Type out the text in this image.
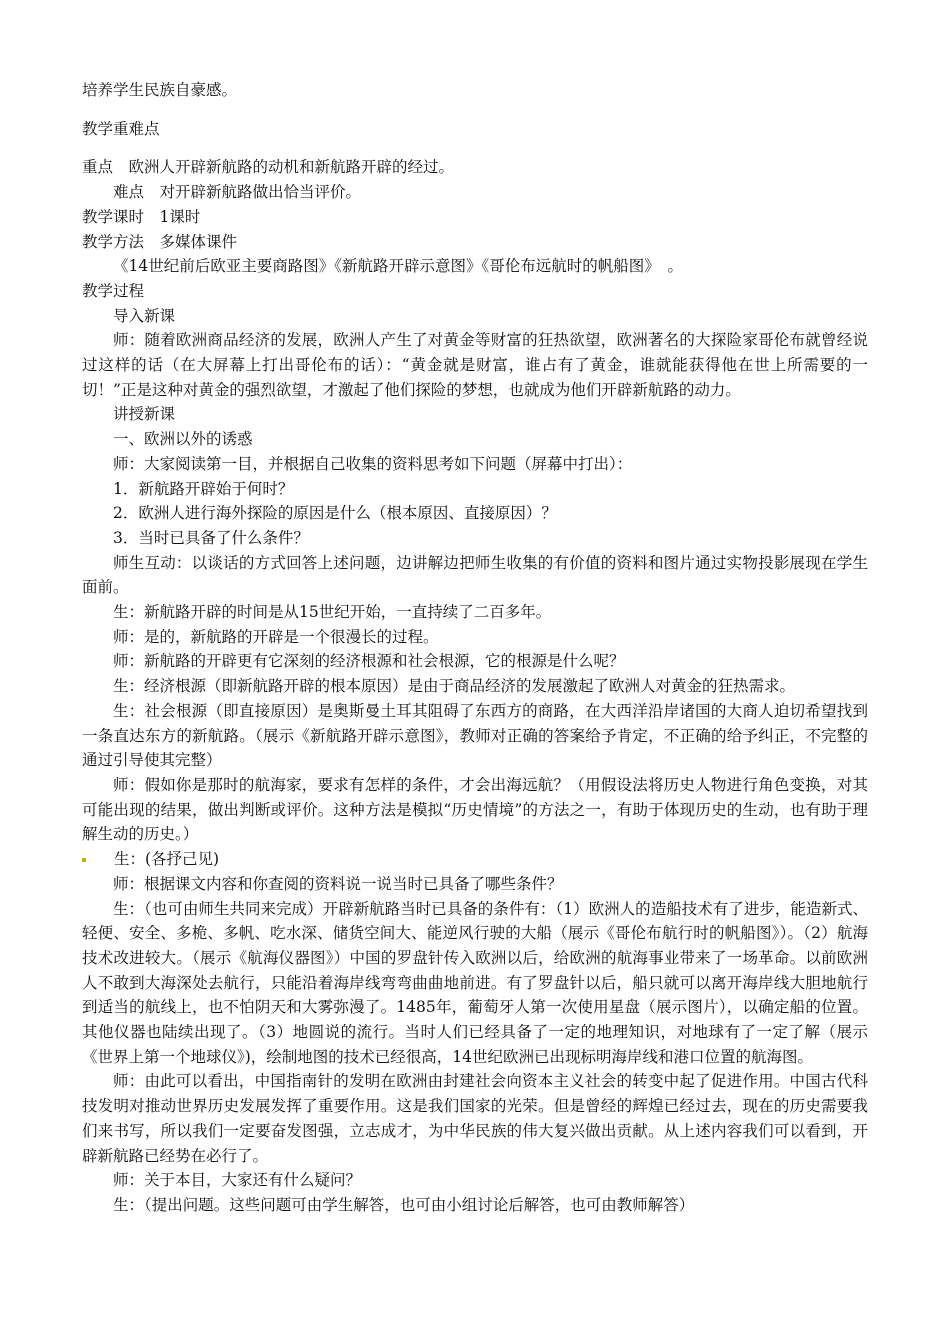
培养学生民族自豪感。

教学重难点

重点　欧洲人开辟新航路的动机和新航路开辟的经过。

难点　对开辟新航路做出恰当评价。

教学课时　1课时

教学方法　多媒体课件

《14世纪前后欧亚主要商路图》《新航路开辟示意图》《哥伦布远航时的帆船图》　。

教学过程

导入新课

师：随着欧洲商品经济的发展，欧洲人产生了对黄金等财富的狂热欲望，欧洲著名的大探险家哥伦布就曾经说过这样的话（在大屏幕上打出哥伦布的话）：“黄金就是财富，谁占有了黄金，谁就能获得他在世上所需要的一切！”正是这种对黄金的强烈欲望，才激起了他们探险的梦想，也就成为他们开辟新航路的动力。

讲授新课

一、欧洲以外的诱惑

师：大家阅读第一目，并根据自己收集的资料思考如下问题（屏幕中打出）：

1．新航路开辟始于何时？

2．欧洲人进行海外探险的原因是什么（根本原因、直接原因）？

3．当时已具备了什么条件？

师生互动：以谈话的方式回答上述问题，边讲解边把师生收集的有价值的资料和图片通过实物投影展现在学生面前。

生：新航路开辟的时间是从15世纪开始，一直持续了二百多年。

师：是的，新航路的开辟是一个很漫长的过程。

师：新航路的开辟更有它深刻的经济根源和社会根源，它的根源是什么呢？

生：经济根源（即新航路开辟的根本原因）是由于商品经济的发展激起了欧洲人对黄金的狂热需求。

生：社会根源（即直接原因）是奥斯曼土耳其阻碍了东西方的商路，在大西洋沿岸诸国的大商人迫切希望找到一条直达东方的新航路。（展示《新航路开辟示意图》，教师对正确的答案给予肯定，不正确的给予纠正，不完整的通过引导使其完整）

师：假如你是那时的航海家，要求有怎样的条件，才会出海远航？（用假设法将历史人物进行角色变换，对其可能出现的结果，做出判断或评价。这种方法是模拟“历史情境”的方法之一，有助于体现历史的生动，也有助于理解生动的历史。）

生：(各抒己见)

师：根据课文内容和你查阅的资料说一说当时已具备了哪些条件？

生：（也可由师生共同来完成）开辟新航路当时已具备的条件有：（1）欧洲人的造船技术有了进步，能造新式、轻便、安全、多桅、多帆、吃水深、储货空间大、能逆风行驶的大船（展示《哥伦布航行时的帆船图》）。（2）航海技术改进较大。（展示《航海仪器图》）中国的罗盘针传入欧洲以后，给欧洲的航海事业带来了一场革命。以前欧洲人不敢到大海深处去航行，只能沿着海岸线弯弯曲曲地前进。有了罗盘针以后，船只就可以离开海岸线大胆地航行到适当的航线上，也不怕阴天和大雾弥漫了。1485年，葡萄牙人第一次使用星盘（展示图片），以确定船的位置。其他仪器也陆续出现了。（3）地圆说的流行。当时人们已经具备了一定的地理知识，对地球有了一定了解（展示《世界上第一个地球仪》)，绘制地图的技术已经很高，14世纪欧洲已出现标明海岸线和港口位置的航海图。

师：由此可以看出，中国指南针的发明在欧洲由封建社会向资本主义社会的转变中起了促进作用。中国古代科技发明对推动世界历史发展发挥了重要作用。这是我们国家的光荣。但是曾经的辉煌已经过去，现在的历史需要我们来书写，所以我们一定要奋发图强，立志成才，为中华民族的伟大复兴做出贡献。从上述内容我们可以看到，开辟新航路已经势在必行了。

师：关于本目，大家还有什么疑问？

生：（提出问题。这些问题可由学生解答，也可由小组讨论后解答，也可由教师解答）
